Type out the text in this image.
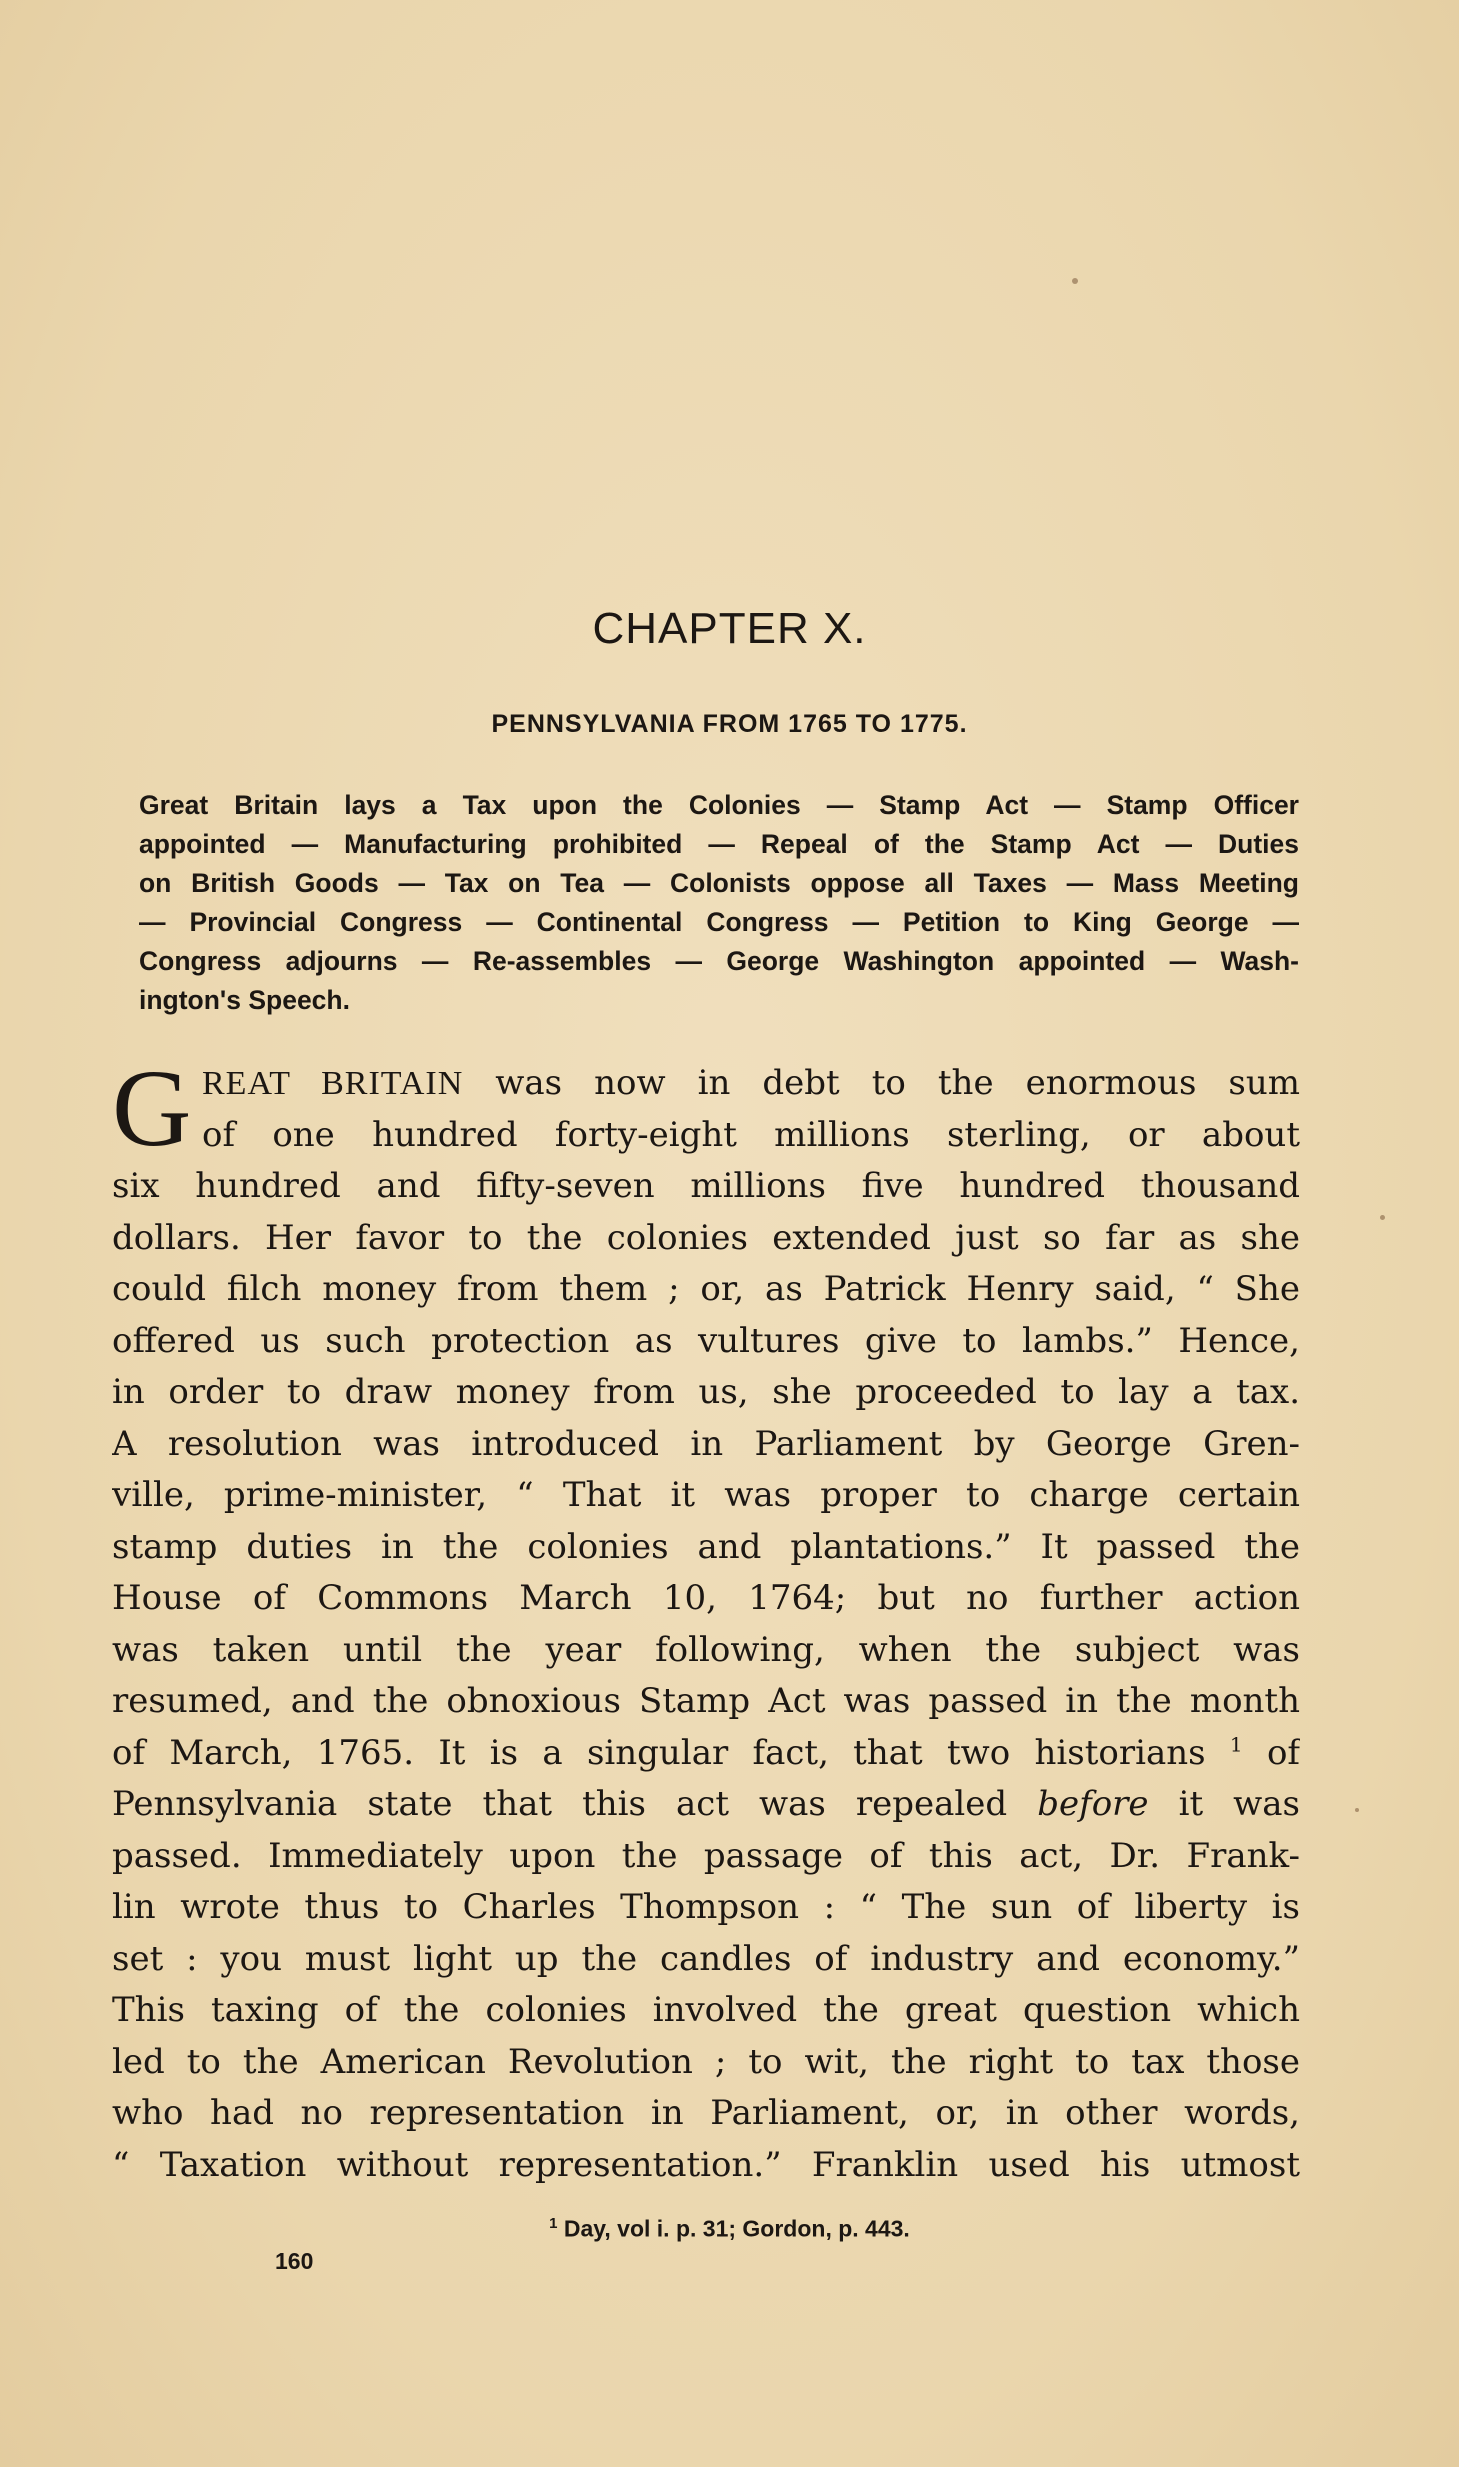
CHAPTER X.
PENNSYLVANIA FROM 1765 TO 1775.
Great Britain lays a Tax upon the Colonies — Stamp Act — Stamp Officer
appointed — Manufacturing prohibited — Repeal of the Stamp Act — Duties
on British Goods — Tax on Tea — Colonists oppose all Taxes — Mass Meeting
— Provincial Congress — Continental Congress — Petition to King George —
Congress adjourns — Re-assembles — George Washington appointed — Wash-
ington's Speech.
G REAT BRITAIN was now in debt to the enormous sum
of one hundred forty-eight millions sterling, or about
six hundred and fifty-seven millions five hundred thousand
dollars. Her favor to the colonies extended just so far as she
could filch money from them ; or, as Patrick Henry said, “ She
offered us such protection as vultures give to lambs.” Hence,
in order to draw money from us, she proceeded to lay a tax.
A resolution was introduced in Parliament by George Gren-
ville, prime-minister, “ That it was proper to charge certain
stamp duties in the colonies and plantations.” It passed the
House of Commons March 10, 1764; but no further action
was taken until the year following, when the subject was
resumed, and the obnoxious Stamp Act was passed in the month
of March, 1765. It is a singular fact, that two historians $^1$ of
Pennsylvania state that this act was repealed before it was
passed. Immediately upon the passage of this act, Dr. Frank-
lin wrote thus to Charles Thompson : “ The sun of liberty is
set : you must light up the candles of industry and economy.”
This taxing of the colonies involved the great question which
led to the American Revolution ; to wit, the right to tax those
who had no representation in Parliament, or, in other words,
“ Taxation without representation.” Franklin used his utmost
$^1$ Day, vol i. p. 31; Gordon, p. 443.
160
